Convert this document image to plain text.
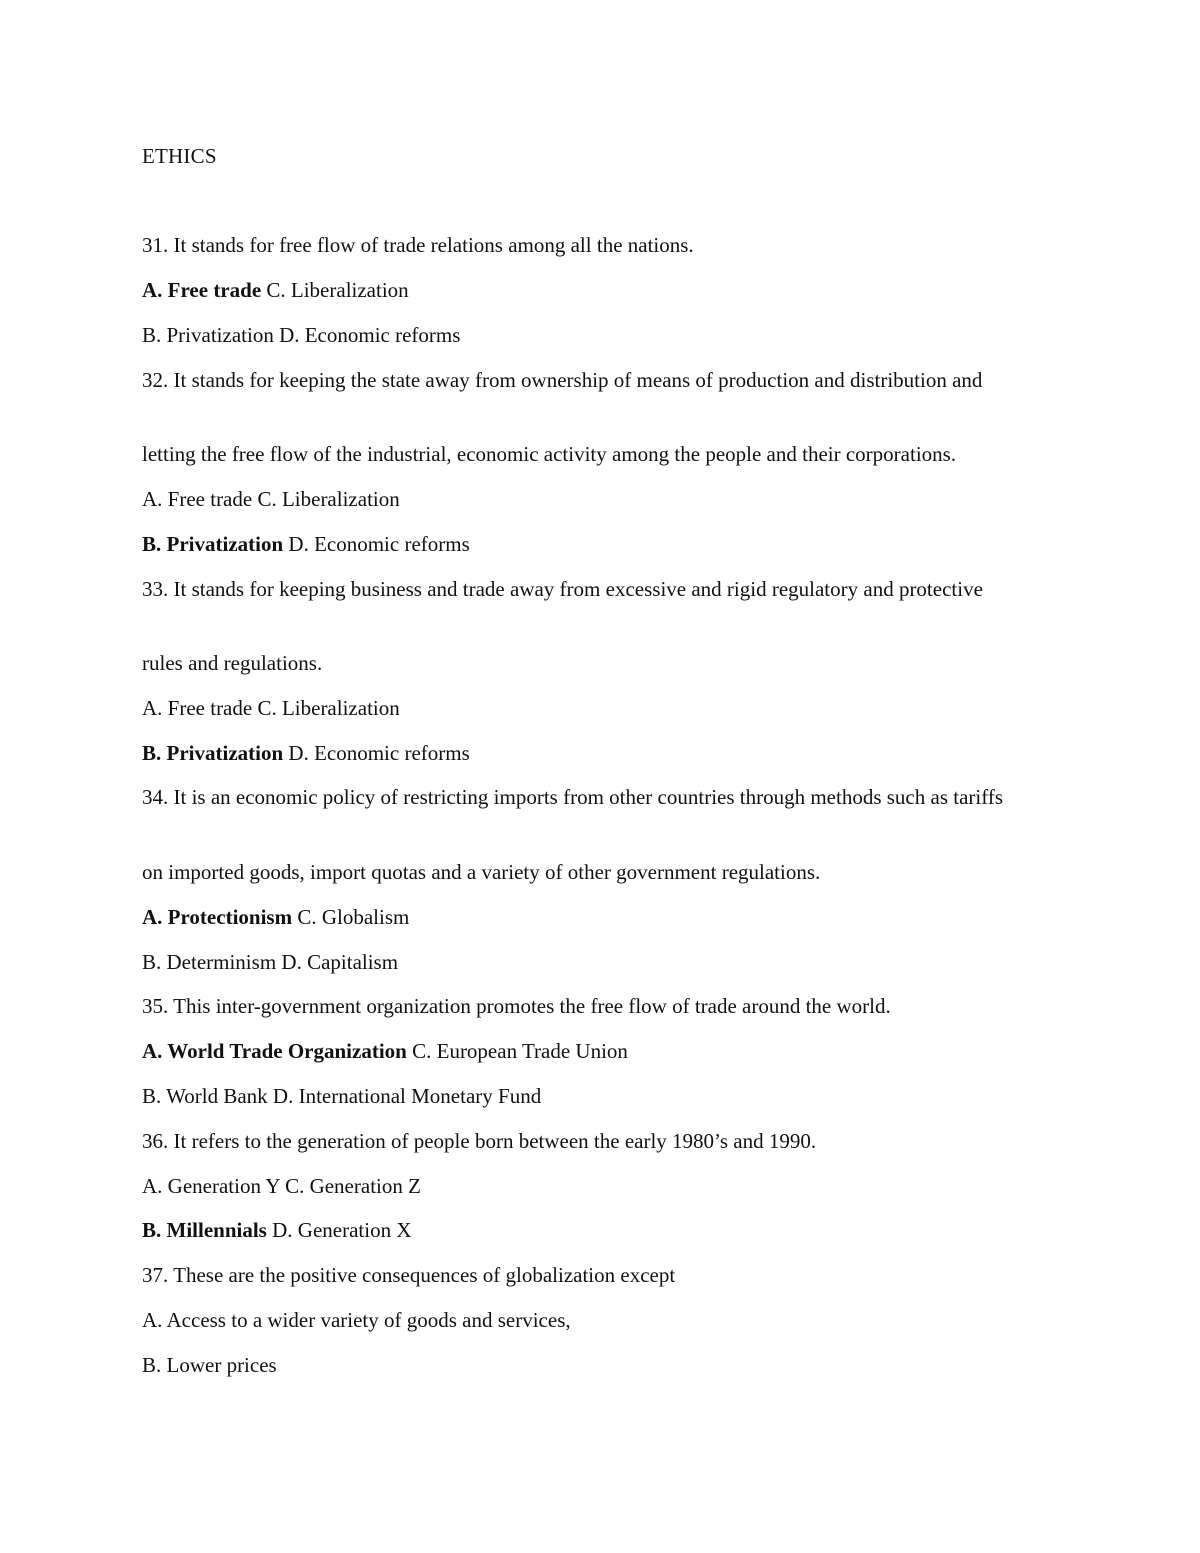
ETHICS
31. It stands for free flow of trade relations among all the nations.
A. Free trade C. Liberalization
B. Privatization D. Economic reforms
32. It stands for keeping the state away from ownership of means of production and distribution and
letting the free flow of the industrial, economic activity among the people and their corporations.
A. Free trade C. Liberalization
B. Privatization D. Economic reforms
33. It stands for keeping business and trade away from excessive and rigid regulatory and protective
rules and regulations.
A. Free trade C. Liberalization
B. Privatization D. Economic reforms
34. It is an economic policy of restricting imports from other countries through methods such as tariffs
on imported goods, import quotas and a variety of other government regulations.
A. Protectionism C. Globalism
B. Determinism D. Capitalism
35. This inter-government organization promotes the free flow of trade around the world.
A. World Trade Organization C. European Trade Union
B. World Bank D. International Monetary Fund
36. It refers to the generation of people born between the early 1980’s and 1990.
A. Generation Y C. Generation Z
B. Millennials D. Generation X
37. These are the positive consequences of globalization except
A. Access to a wider variety of goods and services,
B. Lower prices
